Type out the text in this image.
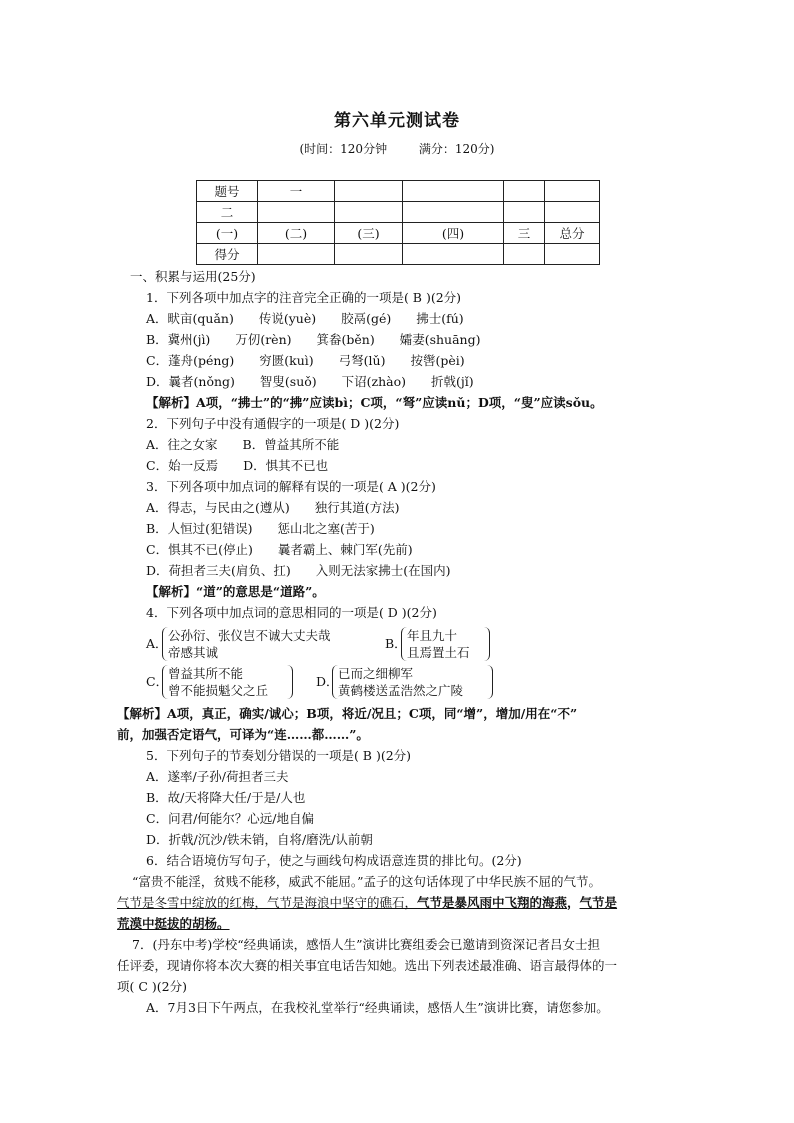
第六单元测试卷
(时间：120分钟	满分：120分)
题号	一				
二					
(一)	(二)	(三)	(四)	三	总分
得分					
一、积累与运用(25分)
1．下列各项中加点字的注音完全正确的一项是( B )(2分)
A．畎亩(quǎn)　　传说(yuè)　　胶鬲(gé)　　拂士(fú)
B．冀州(jì)　　万仞(rèn)　　箕畚(běn)　　孀妻(shuāng)
C．蓬舟(péng)　　穷匮(kuì)　　弓弩(lǔ)　　按辔(pèi)
D．曩者(nǒng)　　智叟(suǒ)　　下诏(zhào)　　折戟(jǐ)
【解析】A项，“拂士”的“拂”应读bì；C项，“弩”应读nǔ；D项，“叟”应读sǒu。
2．下列句子中没有通假字的一项是( D )(2分)
A．往之女家　　B．曾益其所不能
C．始一反焉　　D．惧其不已也
3．下列各项中加点词的解释有误的一项是( A )(2分)
A．得志，与民由之(遵从)　　独行其道(方法)
B．人恒过(犯错误)　　惩山北之塞(苦于)
C．惧其不已(停止)　　曩者霸上、棘门军(先前)
D．荷担者三夫(肩负、扛)　　入则无法家拂士(在国内)
【解析】“道”的意思是“道路”。
4．下列各项中加点词的意思相同的一项是( D )(2分)
A．
公孙衍、张仪岂不诚大丈夫哉
帝感其诚
B．
年且九十
且焉置土石
C．
曾益其所不能
曾不能损魁父之丘
D．
已而之细柳军
黄鹤楼送孟浩然之广陵
【解析】A项，真正，确实/诚心；B项，将近/况且；C项，同“增”，增加/用在“不”
前，加强否定语气，可译为“连……都……”。
5．下列句子的节奏划分错误的一项是( B )(2分)
A．遂率/子孙/荷担者三夫
B．故/天将降大任/于是/人也
C．问君/何能尔？心远/地自偏
D．折戟/沉沙/铁未销，自将/磨洗/认前朝
6．结合语境仿写句子，使之与画线句构成语意连贯的排比句。(2分)
“富贵不能淫，贫贱不能移，威武不能屈。”孟子的这句话体现了中华民族不屈的气节。
气节是冬雪中绽放的红梅，气节是海浪中坚守的礁石，气节是暴风雨中飞翔的海燕，气节是
荒漠中挺拔的胡杨。
7．(丹东中考)学校“经典诵读，感悟人生”演讲比赛组委会已邀请到资深记者吕女士担
任评委，现请你将本次大赛的相关事宜电话告知她。选出下列表述最准确、语言最得体的一
项( C )(2分)
A．7月3日下午两点，在我校礼堂举行“经典诵读，感悟人生”演讲比赛，请您参加。
